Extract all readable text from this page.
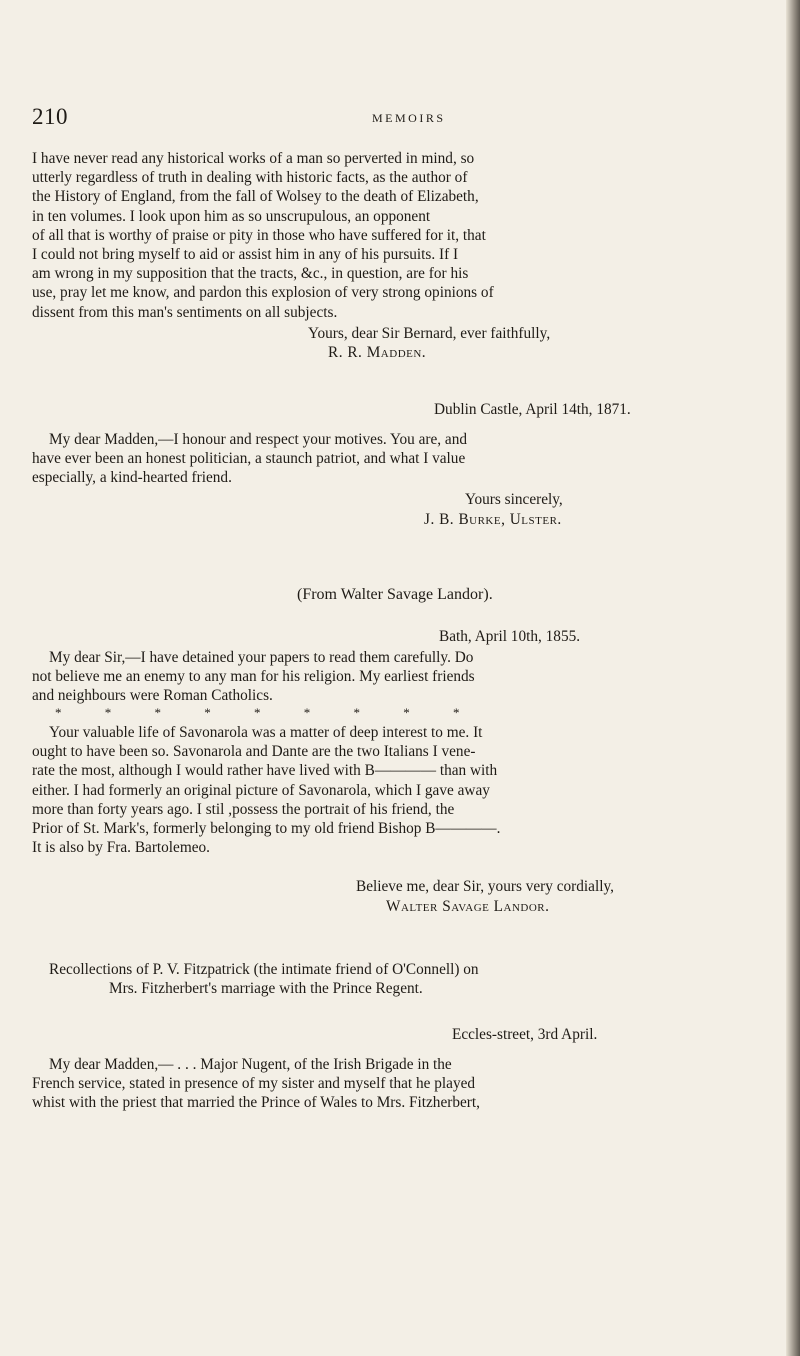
210	MEMOIRS
I have never read any historical works of a man so perverted in mind, so
utterly regardless of truth in dealing with historic facts, as the author of
the History of England, from the fall of Wolsey to the death of Elizabeth,
in ten volumes. I look upon him as so unscrupulous, an opponent
of all that is worthy of praise or pity in those who have suffered for it, that
I could not bring myself to aid or assist him in any of his pursuits. If I
am wrong in my supposition that the tracts, &c., in question, are for his
use, pray let me know, and pardon this explosion of very strong opinions of
dissent from this man's sentiments on all subjects.
Yours, dear Sir Bernard, ever faithfully,
R. R. Madden.
Dublin Castle, April 14th, 1871.
My dear Madden,—I honour and respect your motives. You are, and
have ever been an honest politician, a staunch patriot, and what I value
especially, a kind-hearted friend.
Yours sincerely,
J. B. Burke, Ulster.
(From Walter Savage Landor).
Bath, April 10th, 1855.
My dear Sir,—I have detained your papers to read them carefully. Do
not believe me an enemy to any man for his religion. My earliest friends
and neighbours were Roman Catholics.
* * * * * * * * *
Your valuable life of Savonarola was a matter of deep interest to me. It
ought to have been so. Savonarola and Dante are the two Italians I vene-
rate the most, although I would rather have lived with B———— than with
either. I had formerly an original picture of Savonarola, which I gave away
more than forty years ago. I stil ,possess the portrait of his friend, the
Prior of St. Mark's, formerly belonging to my old friend Bishop B————.
It is also by Fra. Bartolemeo.
Believe me, dear Sir, yours very cordially,
Walter Savage Landor.
Recollections of P. V. Fitzpatrick (the intimate friend of O'Connell) on
Mrs. Fitzherbert's marriage with the Prince Regent.
Eccles-street, 3rd April.
My dear Madden,— . . . Major Nugent, of the Irish Brigade in the
French service, stated in presence of my sister and myself that he played
whist with the priest that married the Prince of Wales to Mrs. Fitzherbert,
